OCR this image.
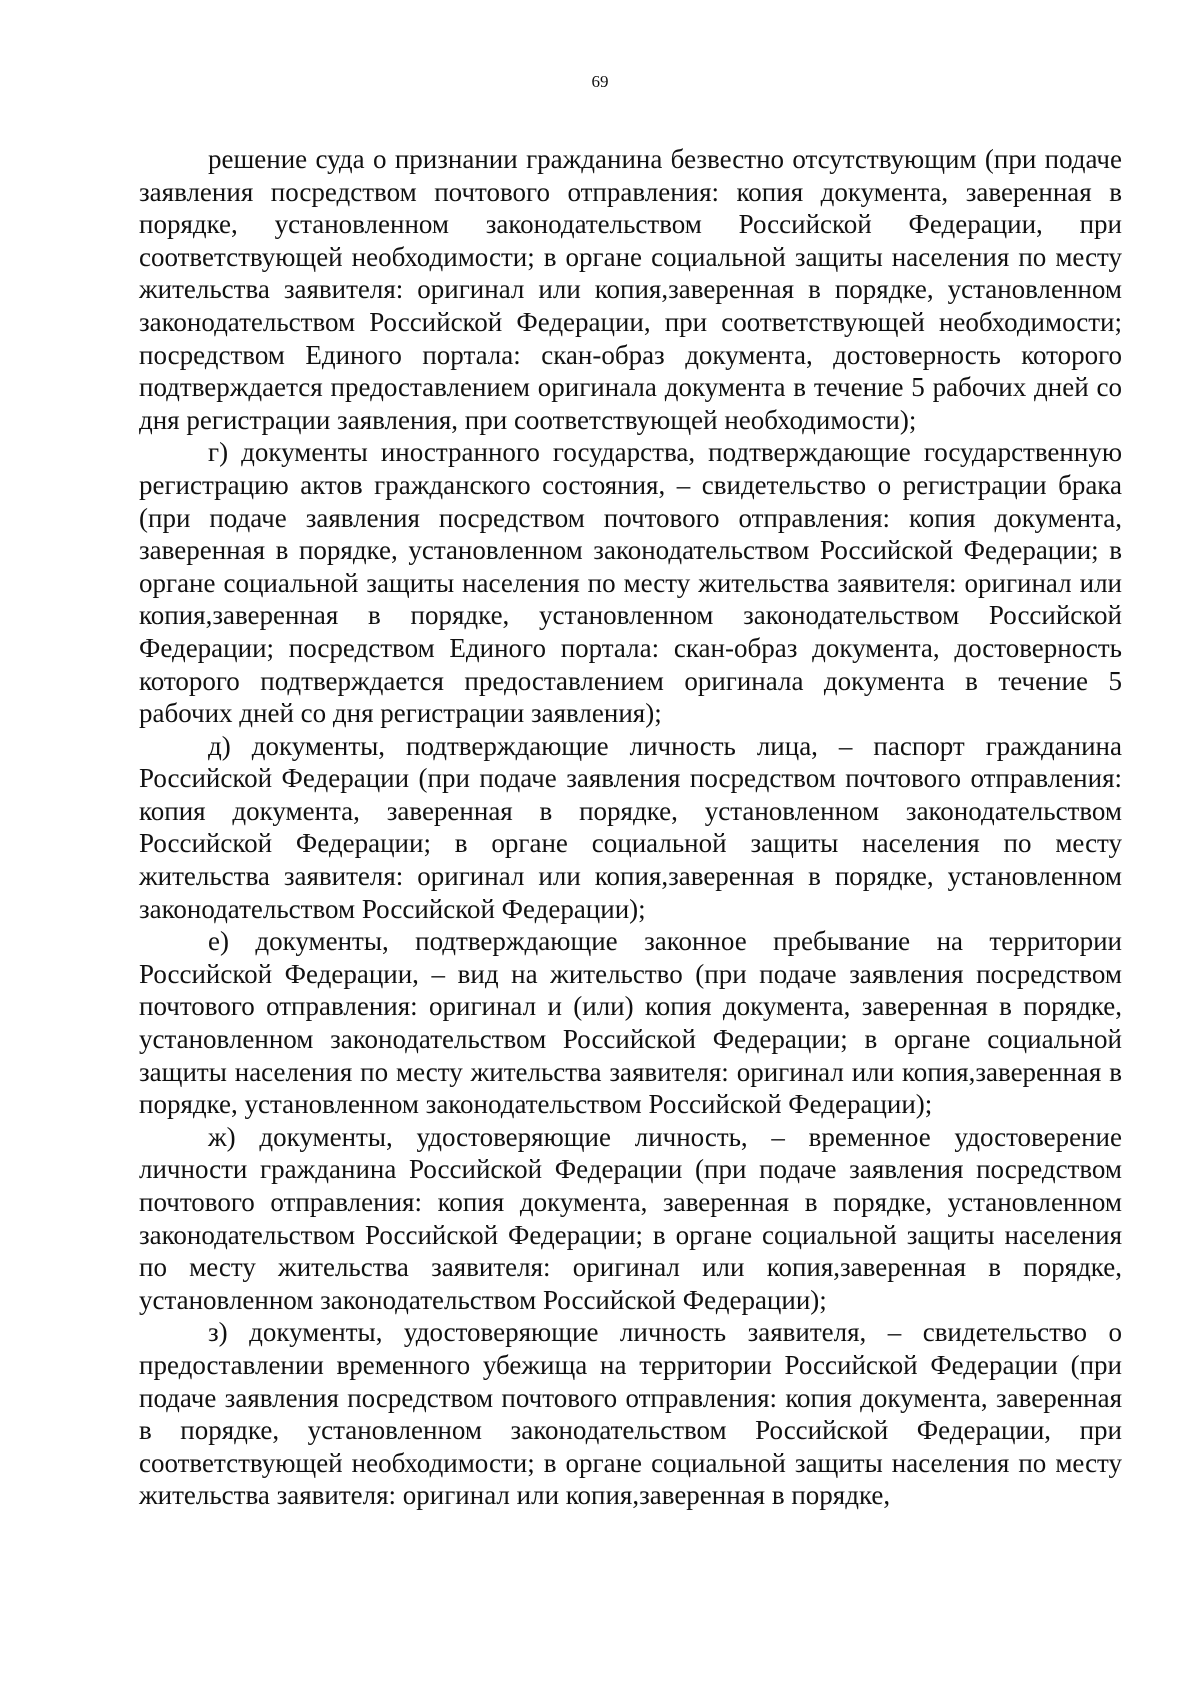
69

решение суда о признании гражданина безвестно отсутствующим (при подаче заявления посредством почтового отправления: копия документа, заверенная в порядке, установленном законодательством Российской Федерации, при соответствующей необходимости; в органе социальной защиты населения по месту жительства заявителя: оригинал или копия,заверенная в порядке, установленном законодательством Российской Федерации, при соответствующей необходимости; посредством Единого портала: скан-образ документа, достоверность которого подтверждается предоставлением оригинала документа в течение 5 рабочих дней со дня регистрации заявления, при соответствующей необходимости);

г) документы иностранного государства, подтверждающие государственную регистрацию актов гражданского состояния, – свидетельство о регистрации брака (при подаче заявления посредством почтового отправления: копия документа, заверенная в порядке, установленном законодательством Российской Федерации; в органе социальной защиты населения по месту жительства заявителя: оригинал или копия,заверенная в порядке, установленном законодательством Российской Федерации; посредством Единого портала: скан-образ документа, достоверность которого подтверждается предоставлением оригинала документа в течение 5 рабочих дней со дня регистрации заявления);

д) документы, подтверждающие личность лица, – паспорт гражданина Российской Федерации (при подаче заявления посредством почтового отправления: копия документа, заверенная в порядке, установленном законодательством Российской Федерации; в органе социальной защиты населения по месту жительства заявителя: оригинал или копия,заверенная в порядке, установленном законодательством Российской Федерации);

е) документы, подтверждающие законное пребывание на территории Российской Федерации, – вид на жительство (при подаче заявления посредством почтового отправления: оригинал и (или) копия документа, заверенная в порядке, установленном законодательством Российской Федерации; в органе социальной защиты населения по месту жительства заявителя: оригинал или копия,заверенная в порядке, установленном законодательством Российской Федерации);

ж) документы, удостоверяющие личность, – временное удостоверение личности гражданина Российской Федерации (при подаче заявления посредством почтового отправления: копия документа, заверенная в порядке, установленном законодательством Российской Федерации; в органе социальной защиты населения по месту жительства заявителя: оригинал или копия,заверенная в порядке, установленном законодательством Российской Федерации);

з) документы, удостоверяющие личность заявителя, – свидетельство о предоставлении временного убежища на территории Российской Федерации (при подаче заявления посредством почтового отправления: копия документа, заверенная в порядке, установленном законодательством Российской Федерации, при соответствующей необходимости; в органе социальной защиты населения по месту жительства заявителя: оригинал или копия,заверенная в порядке,
